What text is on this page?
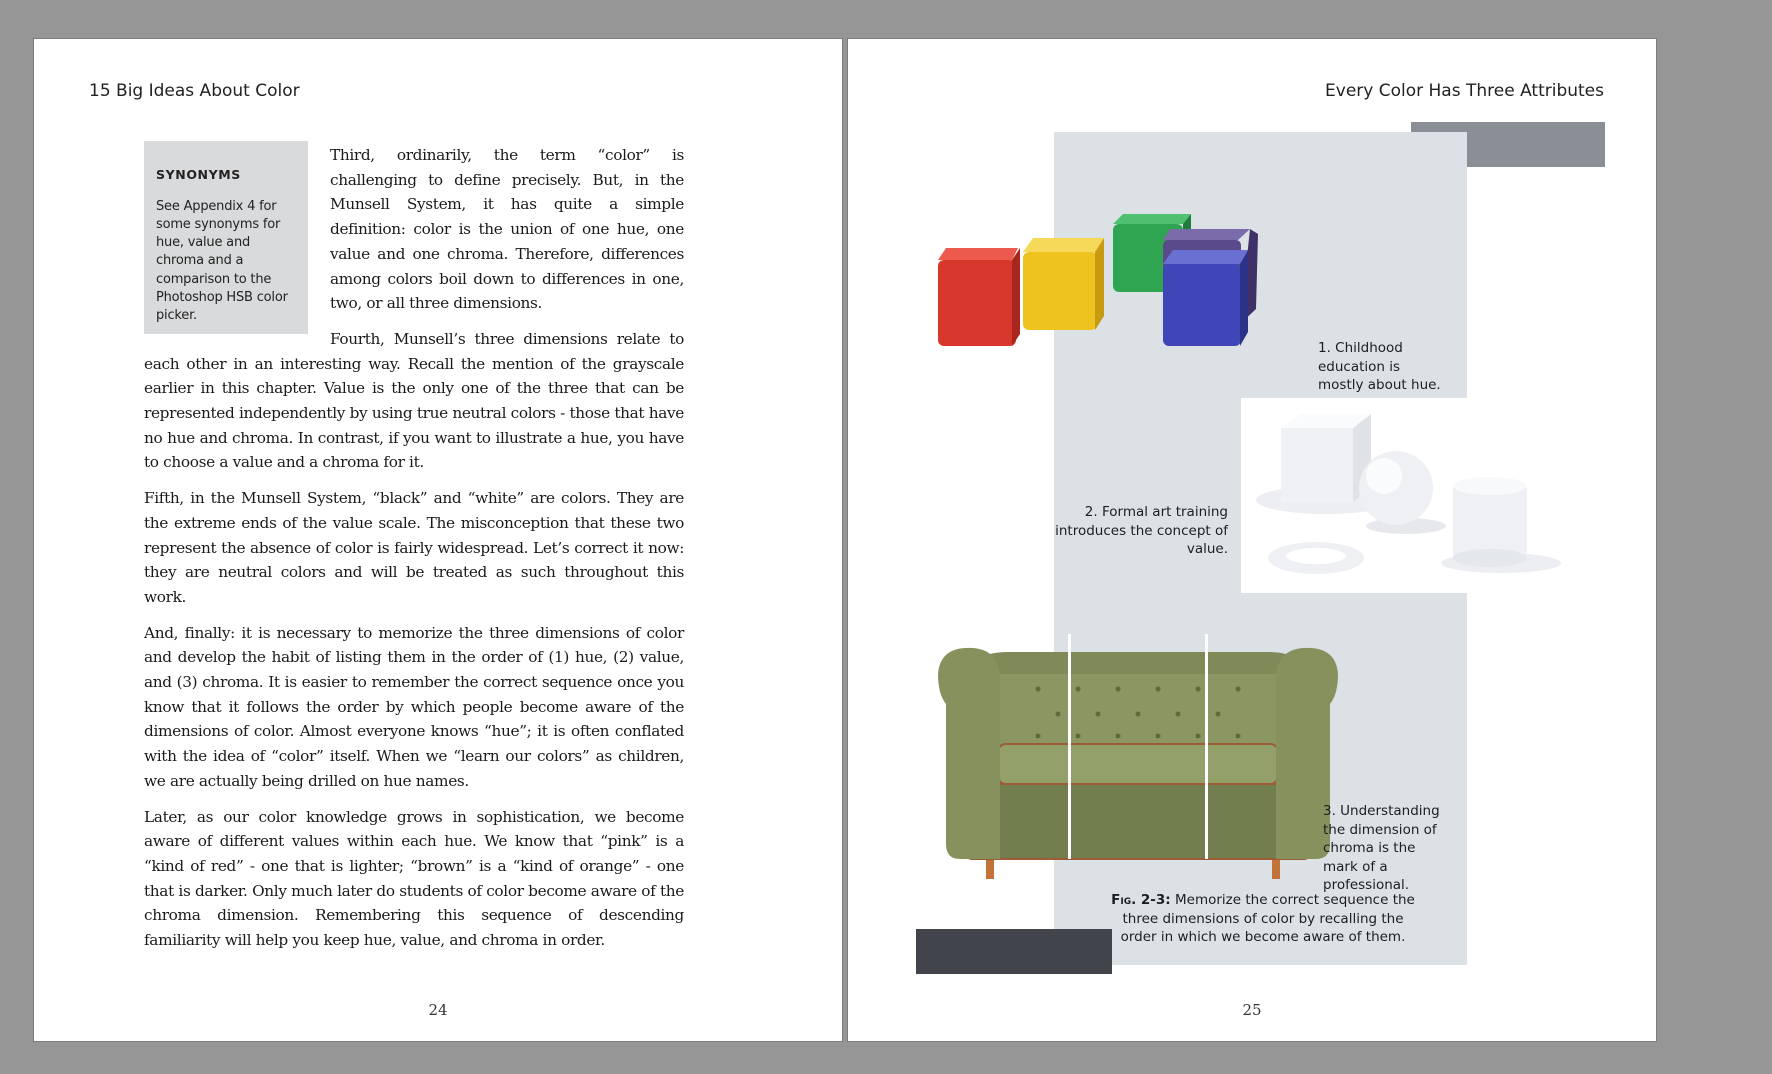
15 Big Ideas About Color
SYNONYMS
See Appendix 4 for some synonyms for hue, value and chroma and a comparison to the Photoshop HSB color picker.

Third, ordinarily, the term “color” is challenging to define precisely. But, in the Munsell System, it has quite a simple definition: color is the union of one hue, one value and one chroma. Therefore, differences among colors boil down to differences in one, two, or all three dimensions.

Fourth, Munsell’s three dimensions relate to each other in an interesting way. Recall the mention of the grayscale earlier in this chapter. Value is the only one of the three that can be represented independently by using true neutral colors - those that have no hue and chroma. In contrast, if you want to illustrate a hue, you have to choose a value and a chroma for it.

Fifth, in the Munsell System, “black” and “white” are colors. They are the extreme ends of the value scale. The misconception that these two represent the absence of color is fairly widespread. Let’s correct it now: they are neutral colors and will be treated as such throughout this work.

And, finally: it is necessary to memorize the three dimensions of color and develop the habit of listing them in the order of (1) hue, (2) value, and (3) chroma. It is easier to remember the correct sequence once you know that it follows the order by which people become aware of the dimensions of color. Almost everyone knows “hue”; it is often conflated with the idea of “color” itself. When we “learn our colors” as children, we are actually being drilled on hue names.

Later, as our color knowledge grows in sophistication, we become aware of different values within each hue. We know that “pink” is a “kind of red” - one that is lighter; “brown” is a “kind of orange” - one that is darker. Only much later do students of color become aware of the chroma dimension. Remembering this sequence of descending familiarity will help you keep hue, value, and chroma in order.

24
Every Color Has Three Attributes
1. Childhood education is mostly about hue.
2. Formal art training introduces the concept of value.
3. Understanding the dimension of chroma is the mark of a professional.
Fig. 2-3: Memorize the correct sequence the three dimensions of color by recalling the order in which we become aware of them.
25
